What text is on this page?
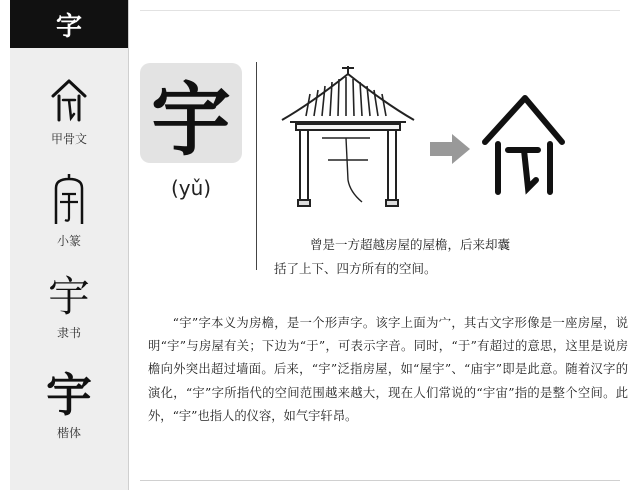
字
甲骨文
小篆
宇
隶书
宇
楷体
宇
(yǔ)
曾是一方超越房屋的屋檐，后来却囊
括了上下、四方所有的空间。
“宇”字本义为房檐，是一个形声字。该字上面为宀，其古文字形像是一座房屋，说明“宇”与房屋有关；下边为“于”，可表示字音。同时，“于”有超过的意思，这里是说房檐向外突出超过墙面。后来，“宇”泛指房屋，如“屋宇”、“庙宇”即是此意。随着汉字的演化，“宇”字所指代的空间范围越来越大，现在人们常说的“宇宙”指的是整个空间。此外，“宇”也指人的仪容，如气宇轩昂。
